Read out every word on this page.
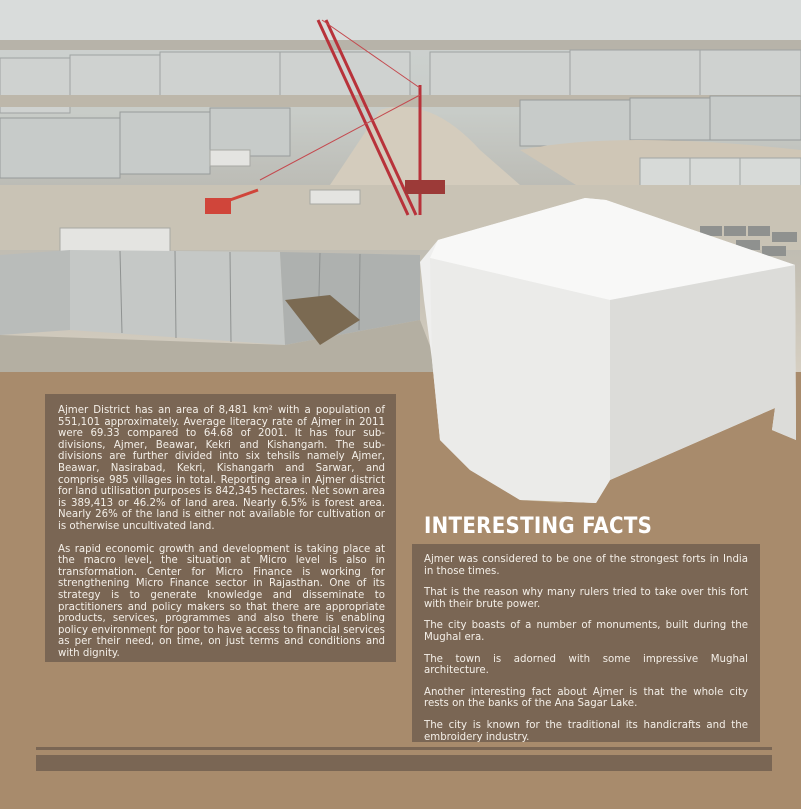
Ajmer District has an area of 8,481 km² with a population of 551,101 approximately. Average literacy rate of Ajmer in 2011 were 69.33 compared to 64.68 of 2001. It has four sub-divisions, Ajmer, Beawar, Kekri and Kishangarh. The sub-divisions are further divided into six tehsils namely Ajmer, Beawar, Nasirabad, Kekri, Kishangarh and Sarwar, and comprise 985 villages in total. Reporting area in Ajmer district for land utilisation purposes is 842,345 hectares. Net sown area is 389,413 or 46.2% of land area. Nearly 6.5% is forest area. Nearly 26% of the land is either not available for cultivation or is otherwise uncultivated land.

As rapid economic growth and development is taking place at the macro level, the situation at Micro level is also in transformation. Center for Micro Finance is working for strengthening Micro Finance sector in Rajasthan. One of its strategy is to generate knowledge and disseminate to practitioners and policy makers so that there are appropriate products, services, programmes and also there is enabling policy environment for poor to have access to financial services as per their need, on time, on just terms and conditions and with dignity.

INTERESTING FACTS

Ajmer was considered to be one of the strongest forts in India in those times.

That is the reason why many rulers tried to take over this fort with their brute power.

The city boasts of a number of monuments, built during the Mughal era.

The town is adorned with some impressive Mughal architecture.

Another interesting fact about Ajmer is that the whole city rests on the banks of the Ana Sagar Lake.

The city is known for the traditional its handicrafts and the embroidery industry.
